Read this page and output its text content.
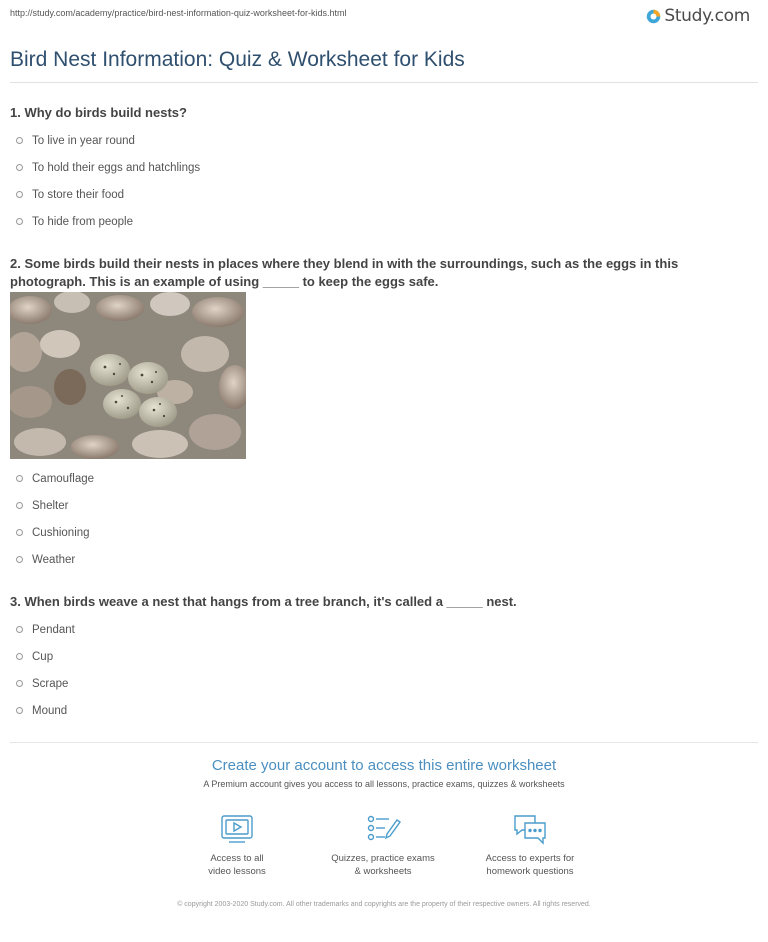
http://study.com/academy/practice/bird-nest-information-quiz-worksheet-for-kids.html	Study.com
Bird Nest Information: Quiz & Worksheet for Kids
1. Why do birds build nests?
To live in year round
To hold their eggs and hatchlings
To store their food
To hide from people
2. Some birds build their nests in places where they blend in with the surroundings, such as the eggs in this photograph. This is an example of using _____ to keep the eggs safe.
Camouflage
Shelter
Cushioning
Weather
3. When birds weave a nest that hangs from a tree branch, it's called a _____ nest.
Pendant
Cup
Scrape
Mound
Create your account to access this entire worksheet
A Premium account gives you access to all lessons, practice exams, quizzes & worksheets
Access to all
video lessons
Quizzes, practice exams
& worksheets
Access to experts for
homework questions
© copyright 2003-2020 Study.com. All other trademarks and copyrights are the property of their respective owners. All rights reserved.
